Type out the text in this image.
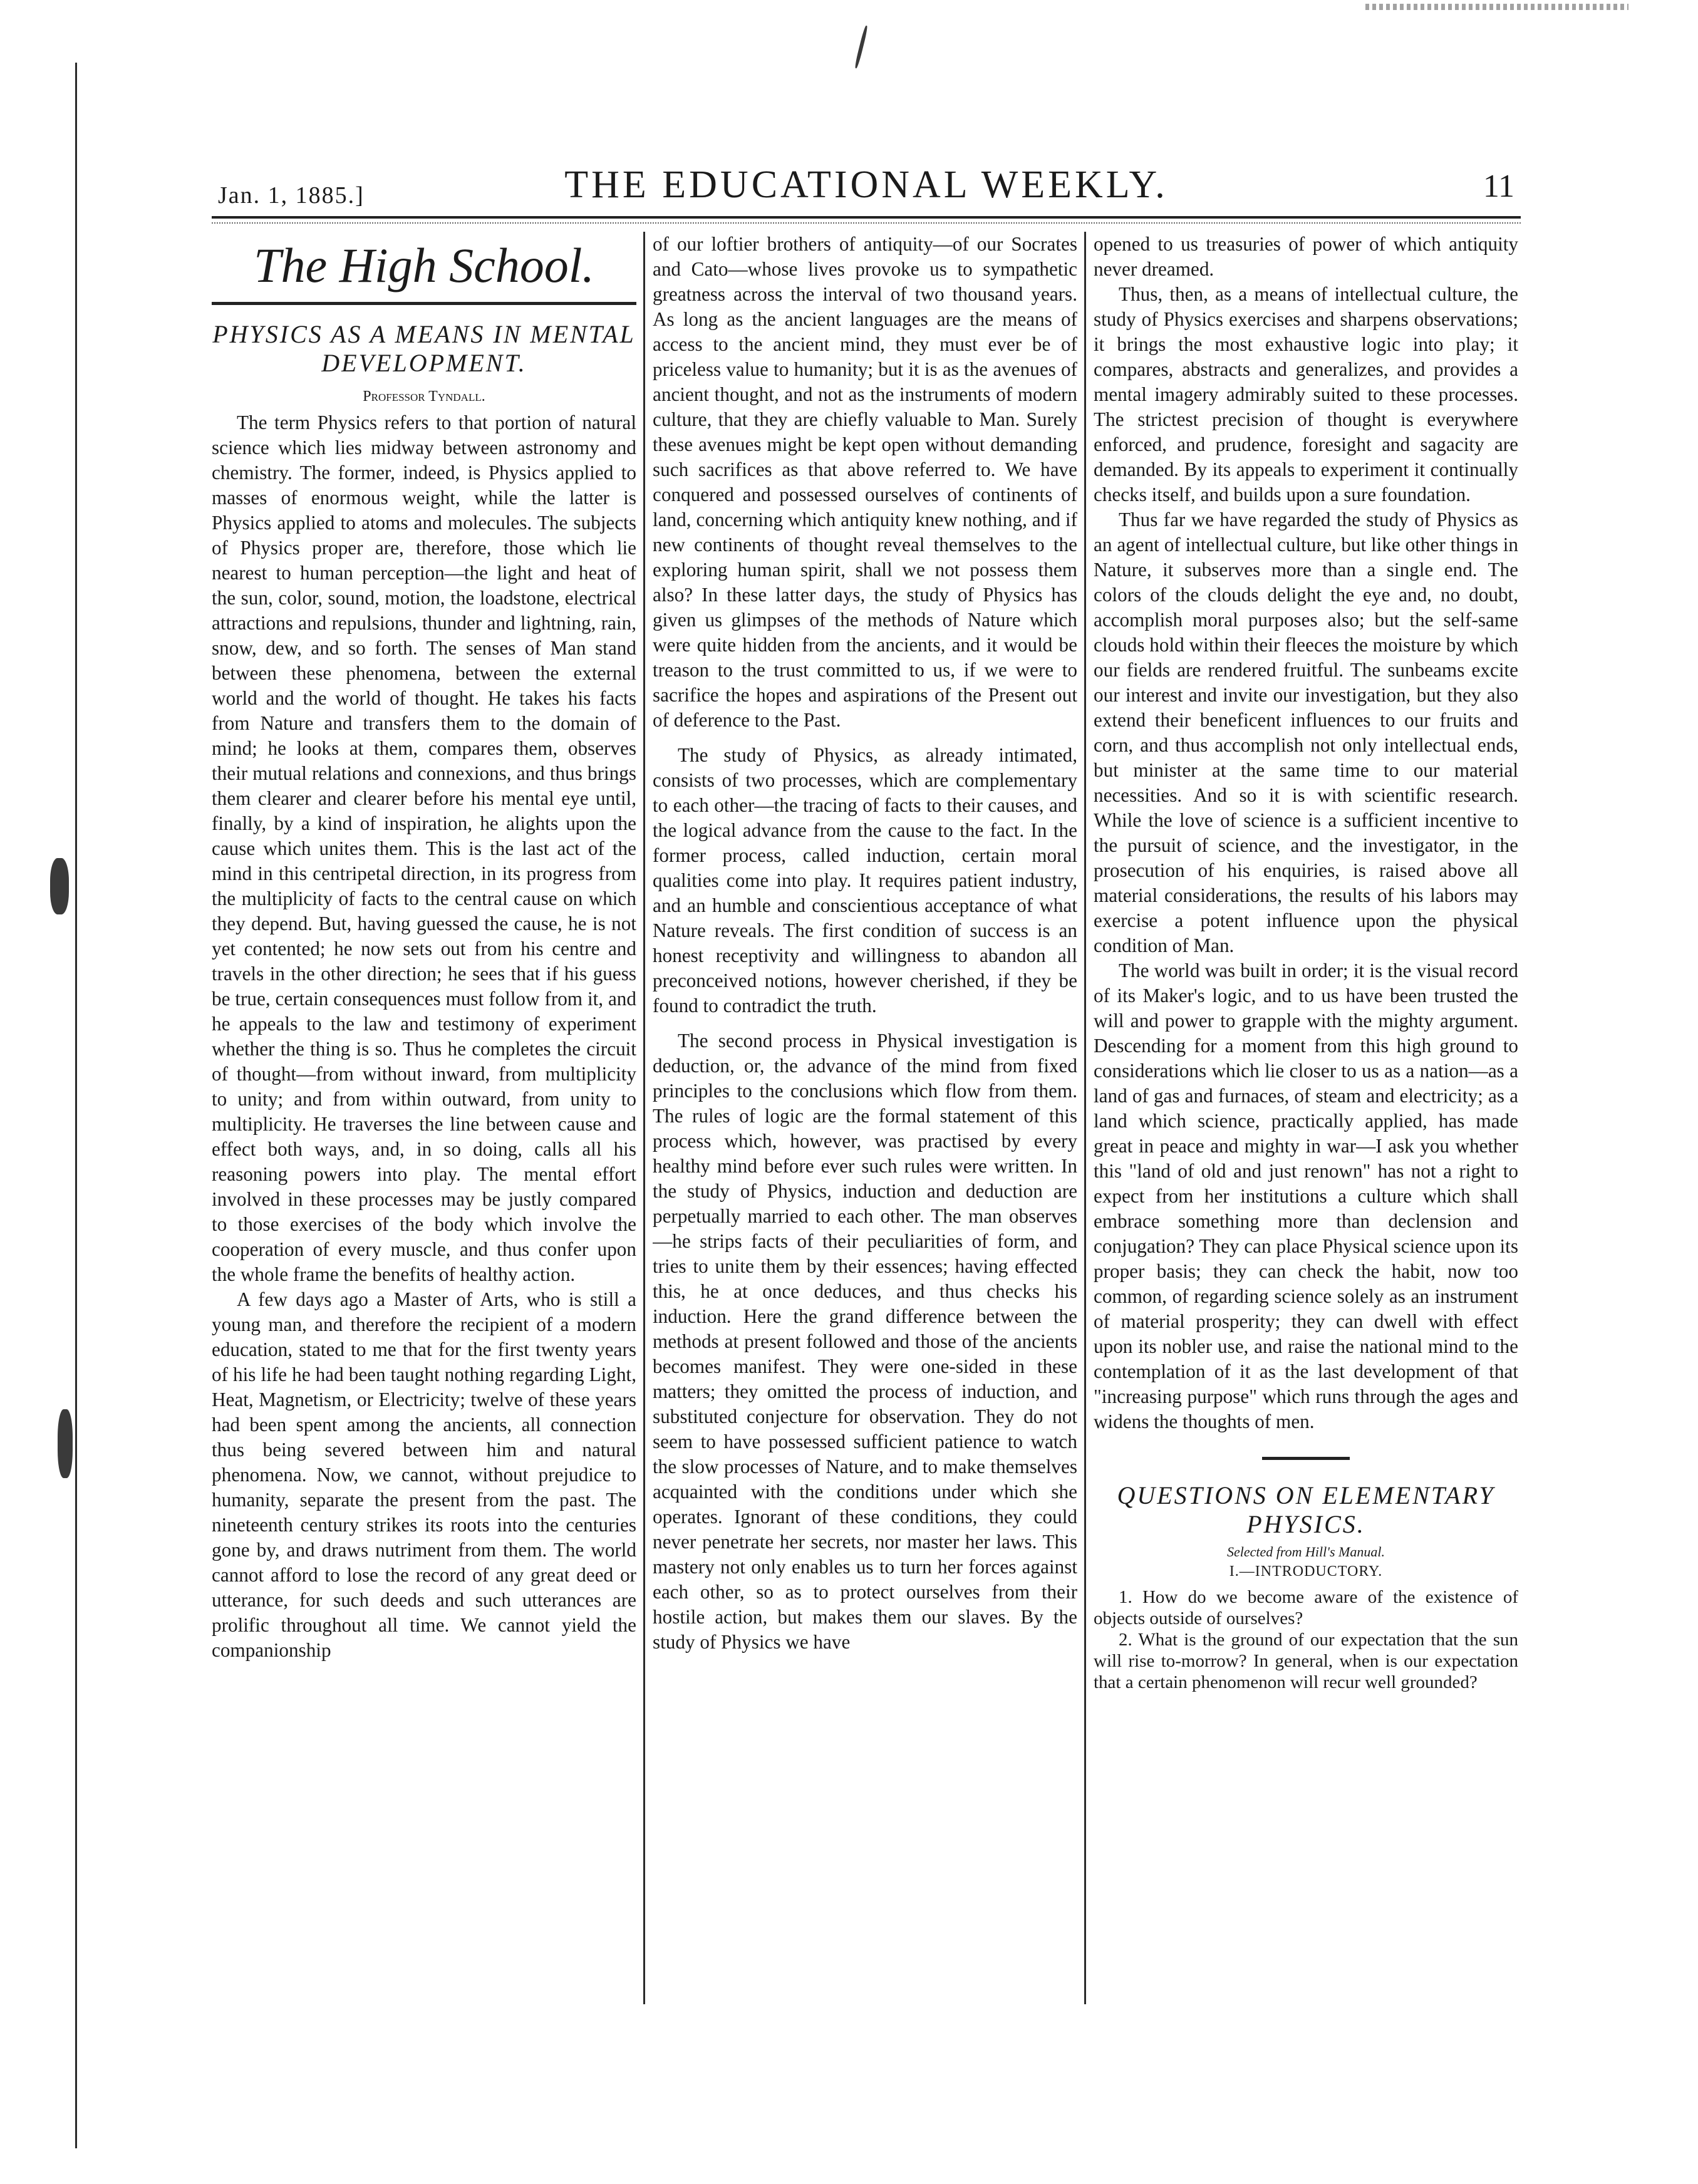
Jan. 1, 1885.]	THE EDUCATIONAL WEEKLY.	11
The High School.
PHYSICS AS A MEANS IN MENTAL DEVELOPMENT.
Professor Tyndall.

The term Physics refers to that portion of natural science which lies midway between astronomy and chemistry. The former, indeed, is Physics applied to masses of enormous weight, while the latter is Physics applied to atoms and molecules. The subjects of Physics proper are, therefore, those which lie nearest to human perception—the light and heat of the sun, color, sound, motion, the loadstone, electrical attractions and repulsions, thunder and lightning, rain, snow, dew, and so forth. The senses of Man stand between these phenomena, between the external world and the world of thought. He takes his facts from Nature and transfers them to the domain of mind; he looks at them, compares them, observes their mutual relations and connexions, and thus brings them clearer and clearer before his mental eye until, finally, by a kind of inspiration, he alights upon the cause which unites them. This is the last act of the mind in this centripetal direction, in its progress from the multiplicity of facts to the central cause on which they depend. But, having guessed the cause, he is not yet contented; he now sets out from his centre and travels in the other direction; he sees that if his guess be true, certain consequences must follow from it, and he appeals to the law and testimony of experiment whether the thing is so. Thus he completes the circuit of thought—from without inward, from multiplicity to unity; and from within outward, from unity to multiplicity. He traverses the line between cause and effect both ways, and, in so doing, calls all his reasoning powers into play. The mental effort involved in these processes may be justly compared to those exercises of the body which involve the cooperation of every muscle, and thus confer upon the whole frame the benefits of healthy action.

A few days ago a Master of Arts, who is still a young man, and therefore the recipient of a modern education, stated to me that for the first twenty years of his life he had been taught nothing regarding Light, Heat, Magnetism, or Electricity; twelve of these years had been spent among the ancients, all connection thus being severed between him and natural phenomena. Now, we cannot, without prejudice to humanity, separate the present from the past. The nineteenth century strikes its roots into the centuries gone by, and draws nutriment from them. The world cannot afford to lose the record of any great deed or utterance, for such deeds and such utterances are prolific throughout all time. We cannot yield the companionship

of our loftier brothers of antiquity—of our Socrates and Cato—whose lives provoke us to sympathetic greatness across the interval of two thousand years. As long as the ancient languages are the means of access to the ancient mind, they must ever be of priceless value to humanity; but it is as the avenues of ancient thought, and not as the instruments of modern culture, that they are chiefly valuable to Man. Surely these avenues might be kept open without demanding such sacrifices as that above referred to. We have conquered and possessed ourselves of continents of land, concerning which antiquity knew nothing, and if new continents of thought reveal themselves to the exploring human spirit, shall we not possess them also? In these latter days, the study of Physics has given us glimpses of the methods of Nature which were quite hidden from the ancients, and it would be treason to the trust committed to us, if we were to sacrifice the hopes and aspirations of the Present out of deference to the Past.

The study of Physics, as already intimated, consists of two processes, which are complementary to each other—the tracing of facts to their causes, and the logical advance from the cause to the fact. In the former process, called induction, certain moral qualities come into play. It requires patient industry, and an humble and conscientious acceptance of what Nature reveals. The first condition of success is an honest receptivity and willingness to abandon all preconceived notions, however cherished, if they be found to contradict the truth.

The second process in Physical investigation is deduction, or, the advance of the mind from fixed principles to the conclusions which flow from them. The rules of logic are the formal statement of this process which, however, was practised by every healthy mind before ever such rules were written. In the study of Physics, induction and deduction are perpetually married to each other. The man observes—he strips facts of their peculiarities of form, and tries to unite them by their essences; having effected this, he at once deduces, and thus checks his induction. Here the grand difference between the methods at present followed and those of the ancients becomes manifest. They were one-sided in these matters; they omitted the process of induction, and substituted conjecture for observation. They do not seem to have possessed sufficient patience to watch the slow processes of Nature, and to make themselves acquainted with the conditions under which she operates. Ignorant of these conditions, they could never penetrate her secrets, nor master her laws. This mastery not only enables us to turn her forces against each other, so as to protect ourselves from their hostile action, but makes them our slaves. By the study of Physics we have

opened to us treasuries of power of which antiquity never dreamed.

Thus, then, as a means of intellectual culture, the study of Physics exercises and sharpens observations; it brings the most exhaustive logic into play; it compares, abstracts and generalizes, and provides a mental imagery admirably suited to these processes. The strictest precision of thought is everywhere enforced, and prudence, foresight and sagacity are demanded. By its appeals to experiment it continually checks itself, and builds upon a sure foundation.

Thus far we have regarded the study of Physics as an agent of intellectual culture, but like other things in Nature, it subserves more than a single end. The colors of the clouds delight the eye and, no doubt, accomplish moral purposes also; but the self-same clouds hold within their fleeces the moisture by which our fields are rendered fruitful. The sunbeams excite our interest and invite our investigation, but they also extend their beneficent influences to our fruits and corn, and thus accomplish not only intellectual ends, but minister at the same time to our material necessities. And so it is with scientific research. While the love of science is a sufficient incentive to the pursuit of science, and the investigator, in the prosecution of his enquiries, is raised above all material considerations, the results of his labors may exercise a potent influence upon the physical condition of Man.

The world was built in order; it is the visual record of its Maker's logic, and to us have been trusted the will and power to grapple with the mighty argument. Descending for a moment from this high ground to considerations which lie closer to us as a nation—as a land of gas and furnaces, of steam and electricity; as a land which science, practically applied, has made great in peace and mighty in war—I ask you whether this "land of old and just renown" has not a right to expect from her institutions a culture which shall embrace something more than declension and conjugation? They can place Physical science upon its proper basis; they can check the habit, now too common, of regarding science solely as an instrument of material prosperity; they can dwell with effect upon its nobler use, and raise the national mind to the contemplation of it as the last development of that "increasing purpose" which runs through the ages and widens the thoughts of men.

QUESTIONS ON ELEMENTARY PHYSICS.
Selected from Hill's Manual.
I.—INTRODUCTORY.

1. How do we become aware of the existence of objects outside of ourselves?

2. What is the ground of our expectation that the sun will rise to-morrow? In general, when is our expectation that a certain phenomenon will recur well grounded?
